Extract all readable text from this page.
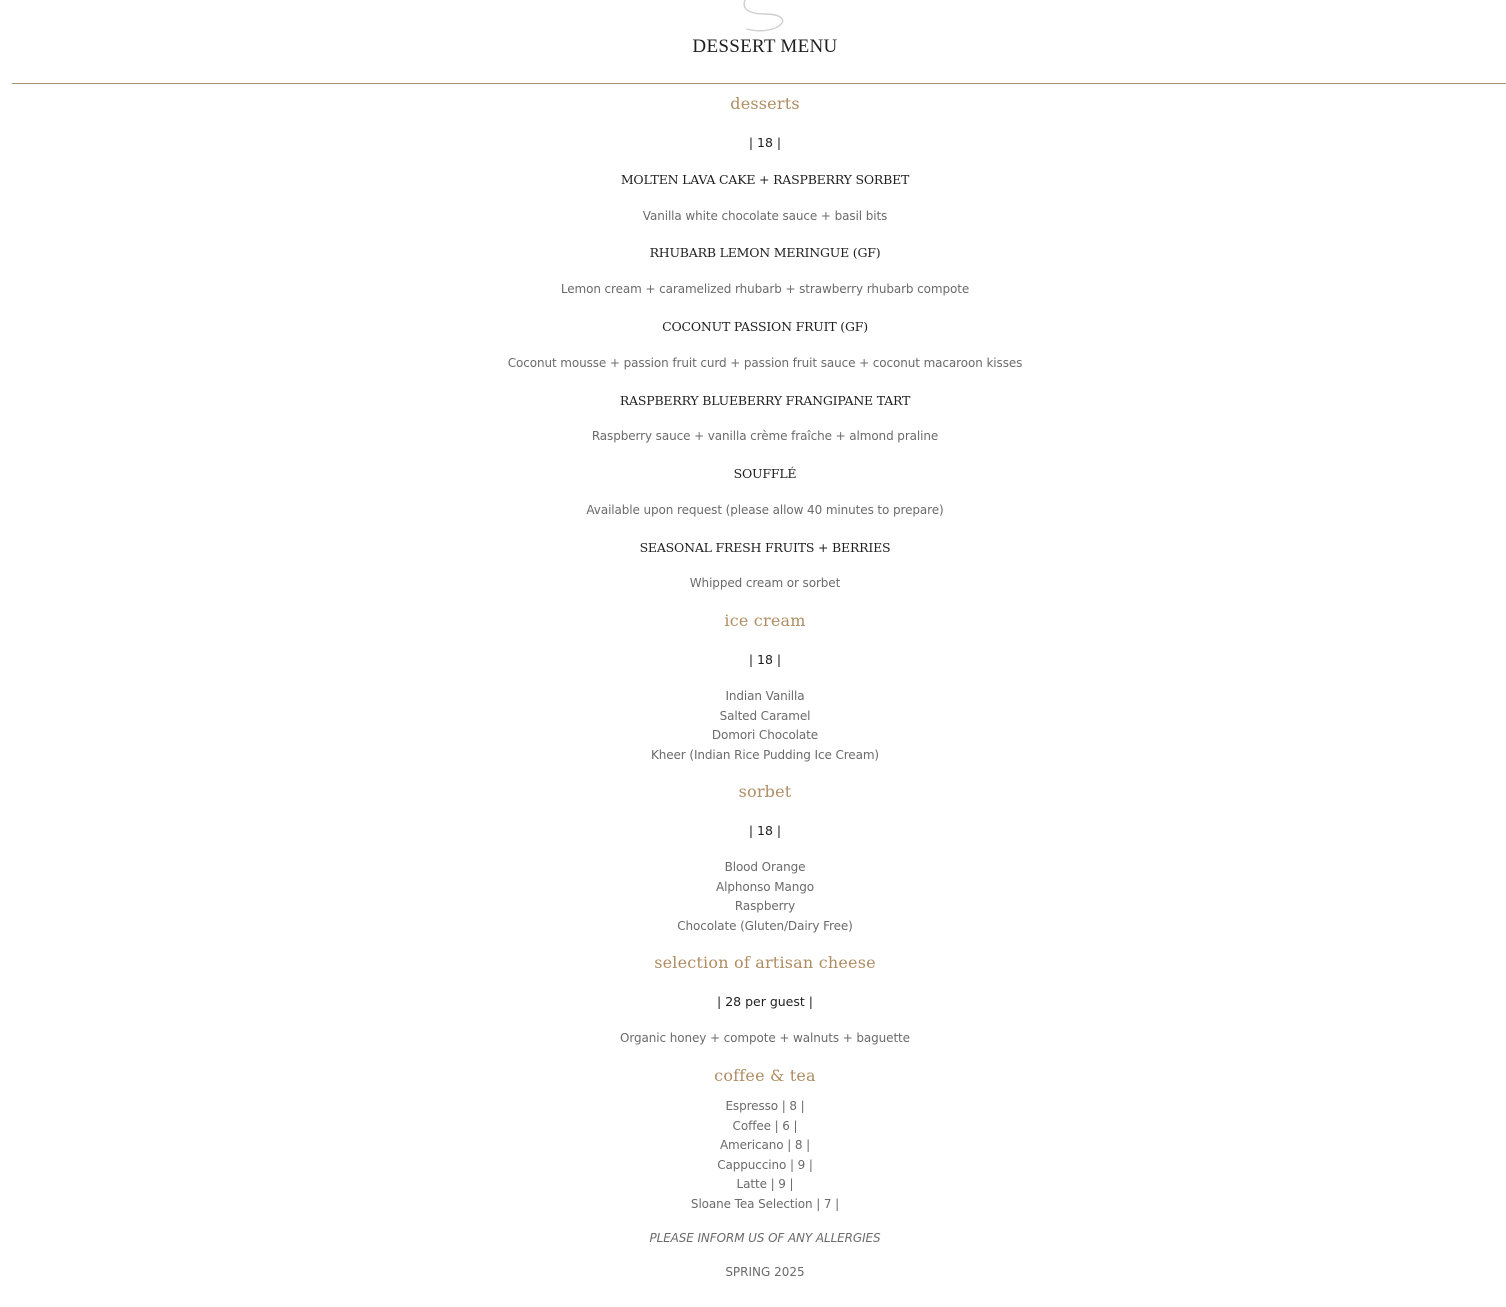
DESSERT MENU
desserts
| 18 |
MOLTEN LAVA CAKE + RASPBERRY SORBET
Vanilla white chocolate sauce + basil bits
RHUBARB LEMON MERINGUE (GF)
Lemon cream + caramelized rhubarb + strawberry rhubarb compote
COCONUT PASSION FRUIT (GF)
Coconut mousse + passion fruit curd + passion fruit sauce + coconut macaroon kisses
RASPBERRY BLUEBERRY FRANGIPANE TART
Raspberry sauce + vanilla crème fraîche + almond praline
SOUFFLÉ
Available upon request (please allow 40 minutes to prepare)
SEASONAL FRESH FRUITS + BERRIES
Whipped cream or sorbet
ice cream
| 18 |
Indian Vanilla
Salted Caramel
Domori Chocolate
Kheer (Indian Rice Pudding Ice Cream)
sorbet
| 18 |
Blood Orange
Alphonso Mango
Raspberry
Chocolate (Gluten/Dairy Free)
selection of artisan cheese
| 28 per guest |
Organic honey + compote + walnuts + baguette
coffee & tea
Espresso | 8 |
Coffee | 6 |
Americano | 8 |
Cappuccino | 9 |
Latte | 9 |
Sloane Tea Selection | 7 |
PLEASE INFORM US OF ANY ALLERGIES
SPRING 2025
